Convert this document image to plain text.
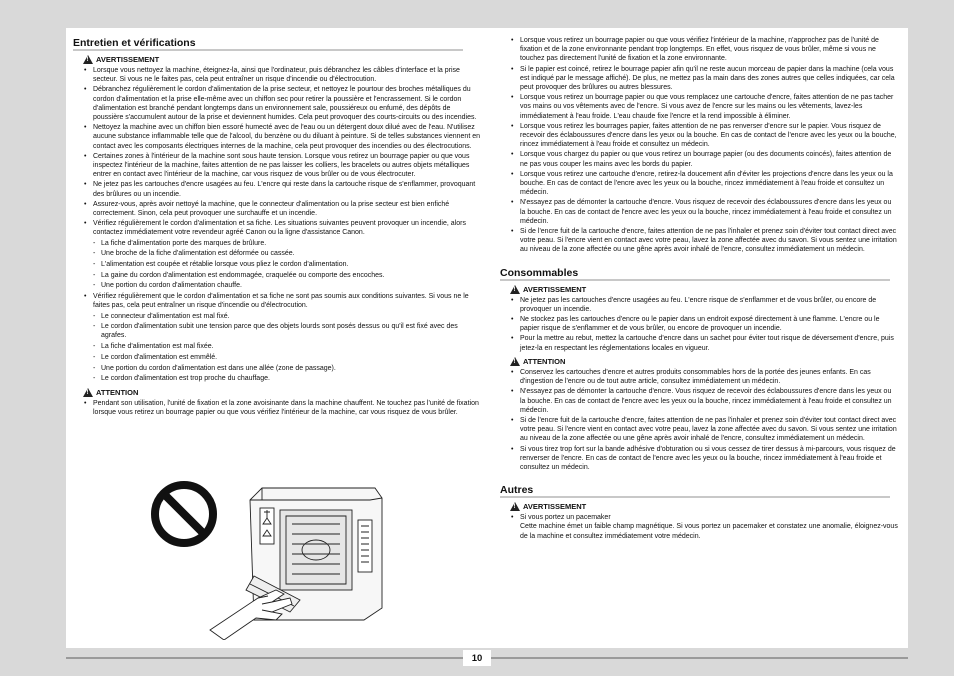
Entretien et vérifications
!
AVERTISSEMENT
• Lorsque vous nettoyez la machine, éteignez-la, ainsi que l'ordinateur, puis débranchez les câbles d'interface et la prise secteur. Si vous ne le faites pas, cela peut entraîner un risque d'incendie ou d'électrocution.
• Débranchez régulièrement le cordon d'alimentation de la prise secteur, et nettoyez le pourtour des broches métalliques du cordon d'alimentation et la prise elle-même avec un chiffon sec pour retirer la poussière et l'encrassement. Si le cordon d'alimentation est branché pendant longtemps dans un environnement sale, poussiéreux ou enfumé, des dépôts de poussière s'accumulent autour de la prise et deviennent humides. Cela peut provoquer des courts-circuits ou des incendies.
• Nettoyez la machine avec un chiffon bien essoré humecté avec de l'eau ou un détergent doux dilué avec de l'eau. N'utilisez aucune substance inflammable telle que de l'alcool, du benzène ou du diluant à peinture. Si de telles substances viennent en contact avec les composants électriques internes de la machine, cela peut provoquer des incendies ou des électrocutions.
• Certaines zones à l'intérieur de la machine sont sous haute tension. Lorsque vous retirez un bourrage papier ou que vous inspectez l'intérieur de la machine, faites attention de ne pas laisser les colliers, les bracelets ou autres objets métalliques entrer en contact avec l'intérieur de la machine, car vous risquez de vous brûler ou de vous électrocuter.
• Ne jetez pas les cartouches d'encre usagées au feu. L'encre qui reste dans la cartouche risque de s'enflammer, provoquant des brûlures ou un incendie.
• Assurez-vous, après avoir nettoyé la machine, que le connecteur d'alimentation ou la prise secteur est bien enfiché correctement. Sinon, cela peut provoquer une surchauffe et un incendie.
• Vérifiez régulièrement le cordon d'alimentation et sa fiche. Les situations suivantes peuvent provoquer un incendie, alors contactez immédiatement votre revendeur agréé Canon ou la ligne d'assistance Canon.
- La fiche d'alimentation porte des marques de brûlure.
- Une broche de la fiche d'alimentation est déformée ou cassée.
- L'alimentation est coupée et rétablie lorsque vous pliez le cordon d'alimentation.
- La gaine du cordon d'alimentation est endommagée, craquelée ou comporte des encoches.
- Une portion du cordon d'alimentation chauffe.
• Vérifiez régulièrement que le cordon d'alimentation et sa fiche ne sont pas soumis aux conditions suivantes. Si vous ne le faites pas, cela peut entraîner un risque d'incendie ou d'électrocution.
- Le connecteur d'alimentation est mal fixé.
- Le cordon d'alimentation subit une tension parce que des objets lourds sont posés dessus ou qu'il est fixé avec des agrafes.
- La fiche d'alimentation est mal fixée.
- Le cordon d'alimentation est emmêlé.
- Une portion du cordon d'alimentation est dans une allée (zone de passage).
- Le cordon d'alimentation est trop proche du chauffage.
!
ATTENTION
• Pendant son utilisation, l'unité de fixation et la zone avoisinante dans la machine chauffent. Ne touchez pas l'unité de fixation lorsque vous retirez un bourrage papier ou que vous vérifiez l'intérieur de la machine, car vous risquez de vous brûler.
• Lorsque vous retirez un bourrage papier ou que vous vérifiez l'intérieur de la machine, n'approchez pas de l'unité de fixation et de la zone environnante pendant trop longtemps. En effet, vous risquez de vous brûler, même si vous ne touchez pas directement l'unité de fixation et la zone environnante.
• Si le papier est coincé, retirez le bourrage papier afin qu'il ne reste aucun morceau de papier dans la machine (cela vous est indiqué par le message affiché). De plus, ne mettez pas la main dans des zones autres que celles indiquées, car cela peut provoquer des brûlures ou autres blessures.
• Lorsque vous retirez un bourrage papier ou que vous remplacez une cartouche d'encre, faites attention de ne pas tacher vos mains ou vos vêtements avec de l'encre. Si vous avez de l'encre sur les mains ou les vêtements, lavez-les immédiatement à l'eau froide. L'eau chaude fixe l'encre et la rend impossible à éliminer.
• Lorsque vous retirez les bourrages papier, faites attention de ne pas renverser d'encre sur le papier. Vous risquez de recevoir des éclaboussures d'encre dans les yeux ou la bouche. En cas de contact de l'encre avec les yeux ou la bouche, rincez immédiatement à l'eau froide et consultez un médecin.
• Lorsque vous chargez du papier ou que vous retirez un bourrage papier (ou des documents coincés), faites attention de ne pas vous couper les mains avec les bords du papier.
• Lorsque vous retirez une cartouche d'encre, retirez-la doucement afin d'éviter les projections d'encre dans les yeux ou la bouche. En cas de contact de l'encre avec les yeux ou la bouche, rincez immédiatement à l'eau froide et consultez un médecin.
• N'essayez pas de démonter la cartouche d'encre. Vous risquez de recevoir des éclaboussures d'encre dans les yeux ou la bouche. En cas de contact de l'encre avec les yeux ou la bouche, rincez immédiatement à l'eau froide et consultez un médecin.
• Si de l'encre fuit de la cartouche d'encre, faites attention de ne pas l'inhaler et prenez soin d'éviter tout contact direct avec votre peau. Si l'encre vient en contact avec votre peau, lavez la zone affectée avec du savon. Si vous sentez une irritation au niveau de la zone affectée ou une gêne après avoir inhalé de l'encre, consultez immédiatement un médecin.
Consommables
!
AVERTISSEMENT
• Ne jetez pas les cartouches d'encre usagées au feu. L'encre risque de s'enflammer et de vous brûler, ou encore de provoquer un incendie.
• Ne stockez pas les cartouches d'encre ou le papier dans un endroit exposé directement à une flamme. L'encre ou le papier risque de s'enflammer et de vous brûler, ou encore de provoquer un incendie.
• Pour la mettre au rebut, mettez la cartouche d'encre dans un sachet pour éviter tout risque de déversement d'encre, puis jetez-la en respectant les réglementations locales en vigueur.
!
ATTENTION
• Conservez les cartouches d'encre et autres produits consommables hors de la portée des jeunes enfants. En cas d'ingestion de l'encre ou de tout autre article, consultez immédiatement un médecin.
• N'essayez pas de démonter la cartouche d'encre. Vous risquez de recevoir des éclaboussures d'encre dans les yeux ou la bouche. En cas de contact de l'encre avec les yeux ou la bouche, rincez immédiatement à l'eau froide et consultez un médecin.
• Si de l'encre fuit de la cartouche d'encre, faites attention de ne pas l'inhaler et prenez soin d'éviter tout contact direct avec votre peau. Si l'encre vient en contact avec votre peau, lavez la zone affectée avec du savon. Si vous sentez une irritation au niveau de la zone affectée ou une gêne après avoir inhalé de l'encre, consultez immédiatement un médecin.
• Si vous tirez trop fort sur la bande adhésive d'obturation ou si vous cessez de tirer dessus à mi-parcours, vous risquez de renverser de l'encre. En cas de contact de l'encre avec les yeux ou la bouche, rincez immédiatement à l'eau froide et consultez un médecin.
Autres
!
AVERTISSEMENT
• Si vous portez un pacemaker
Cette machine émet un faible champ magnétique. Si vous portez un pacemaker et constatez une anomalie, éloignez-vous de la machine et consultez immédiatement votre médecin.
10
